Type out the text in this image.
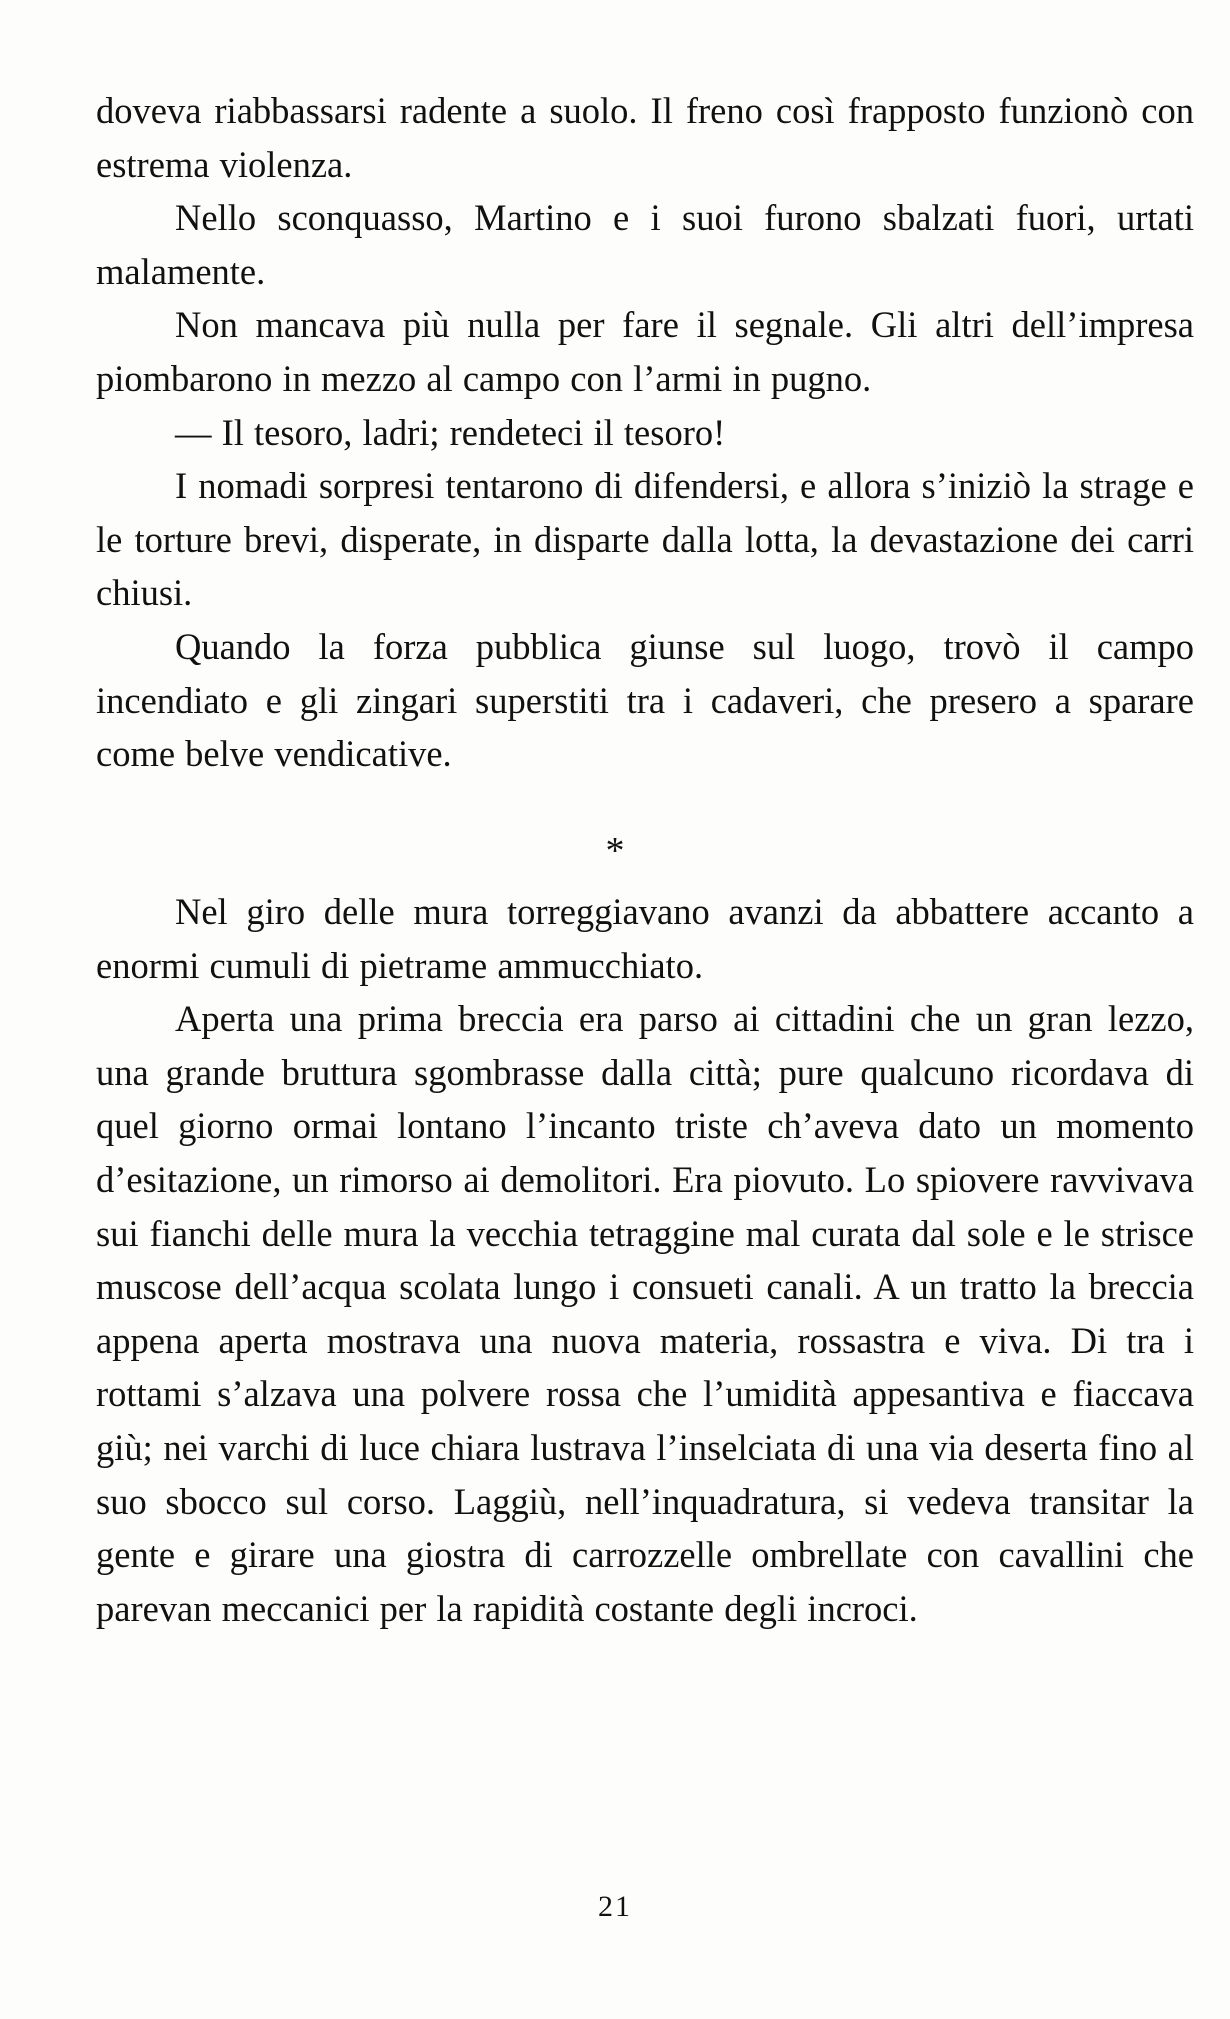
doveva riabbassarsi radente a suolo. Il freno così frapposto funzionò con estrema violenza.

Nello sconquasso, Martino e i suoi furono sbalzati fuori, urtati malamente.

Non mancava più nulla per fare il segnale. Gli altri dell’impresa piombarono in mezzo al campo con l’armi in pugno.

— Il tesoro, ladri; rendeteci il tesoro!

I nomadi sorpresi tentarono di difendersi, e allora s’iniziò la strage e le torture brevi, disperate, in disparte dalla lotta, la devastazione dei carri chiusi.

Quando la forza pubblica giunse sul luogo, trovò il campo incendiato e gli zingari superstiti tra i cadaveri, che presero a sparare come belve vendicative.

*

Nel giro delle mura torreggiavano avanzi da abbattere accanto a enormi cumuli di pietrame ammucchiato.

Aperta una prima breccia era parso ai cittadini che un gran lezzo, una grande bruttura sgombrasse dalla città; pure qualcuno ricordava di quel giorno ormai lontano l’incanto triste ch’aveva dato un momento d’esitazione, un rimorso ai demolitori. Era piovuto. Lo spiovere ravvivava sui fianchi delle mura la vecchia tetraggine mal curata dal sole e le strisce muscose dell’acqua scolata lungo i consueti canali. A un tratto la breccia appena aperta mostrava una nuova materia, rossastra e viva. Di tra i rottami s’alzava una polvere rossa che l’umidità appesantiva e fiaccava giù; nei varchi di luce chiara lustrava l’inselciata di una via deserta fino al suo sbocco sul corso. Laggiù, nell’inquadratura, si vedeva transitar la gente e girare una giostra di carrozzelle ombrellate con cavallini che parevan meccanici per la rapidità costante degli incroci.

21
